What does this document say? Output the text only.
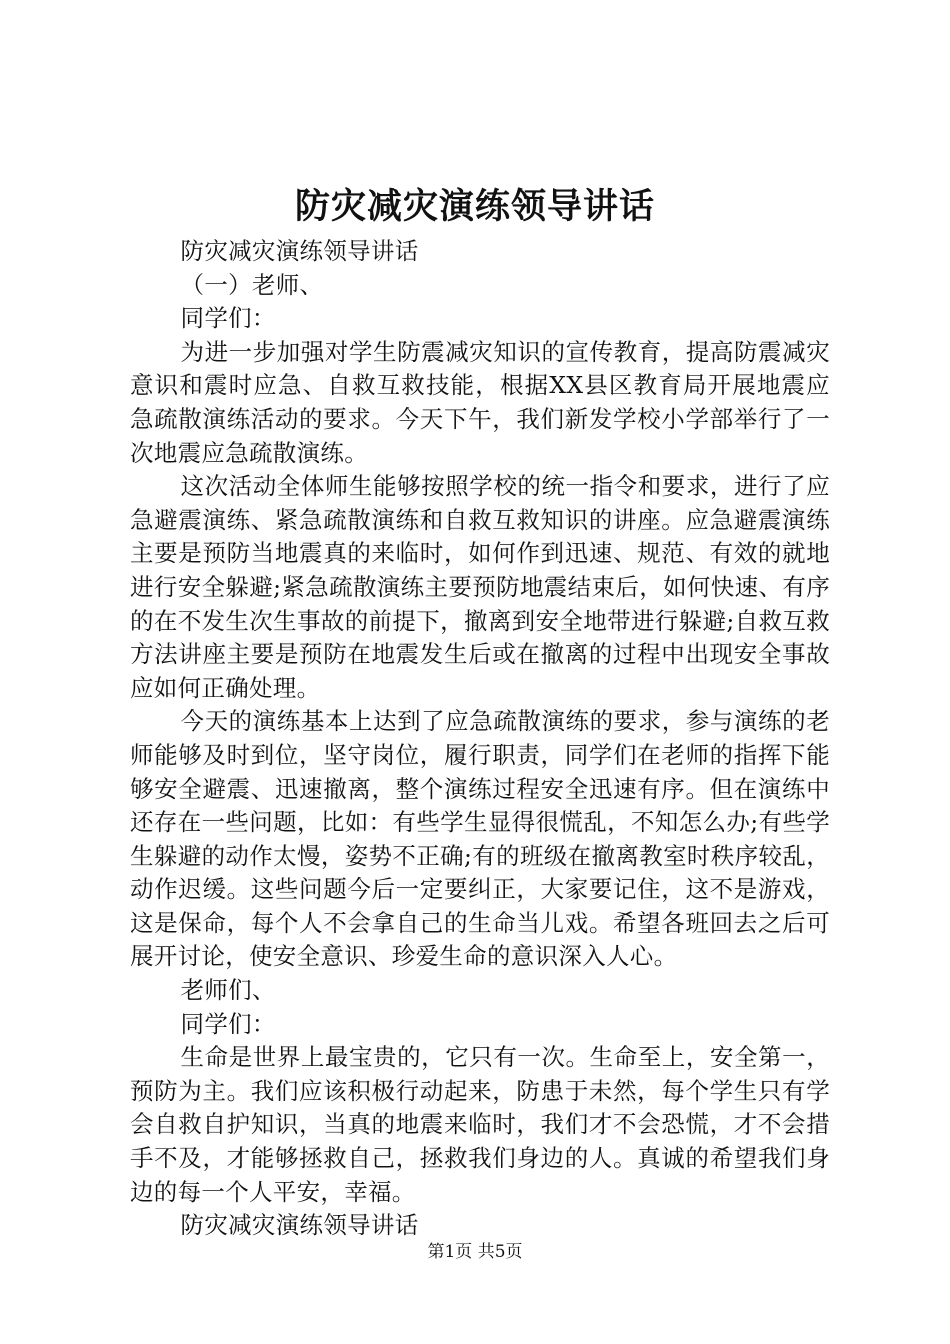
防灾减灾演练领导讲话

防灾减灾演练领导讲话

（一）老师、

同学们：

为进一步加强对学生防震减灾知识的宣传教育，提高防震减灾意识和震时应急、自救互救技能，根据XX县区教育局开展地震应急疏散演练活动的要求。今天下午，我们新发学校小学部举行了一次地震应急疏散演练。

这次活动全体师生能够按照学校的统一指令和要求，进行了应急避震演练、紧急疏散演练和自救互救知识的讲座。应急避震演练主要是预防当地震真的来临时，如何作到迅速、规范、有效的就地进行安全躲避;紧急疏散演练主要预防地震结束后，如何快速、有序的在不发生次生事故的前提下，撤离到安全地带进行躲避;自救互救方法讲座主要是预防在地震发生后或在撤离的过程中出现安全事故应如何正确处理。

今天的演练基本上达到了应急疏散演练的要求，参与演练的老师能够及时到位，坚守岗位，履行职责，同学们在老师的指挥下能够安全避震、迅速撤离，整个演练过程安全迅速有序。但在演练中还存在一些问题，比如：有些学生显得很慌乱，不知怎么办;有些学生躲避的动作太慢，姿势不正确;有的班级在撤离教室时秩序较乱，动作迟缓。这些问题今后一定要纠正，大家要记住，这不是游戏，这是保命，每个人不会拿自己的生命当儿戏。希望各班回去之后可展开讨论，使安全意识、珍爱生命的意识深入人心。

老师们、

同学们：

生命是世界上最宝贵的，它只有一次。生命至上，安全第一，预防为主。我们应该积极行动起来，防患于未然，每个学生只有学会自救自护知识，当真的地震来临时，我们才不会恐慌，才不会措手不及，才能够拯救自己，拯救我们身边的人。真诚的希望我们身边的每一个人平安，幸福。

防灾减灾演练领导讲话

第1页 共5页
